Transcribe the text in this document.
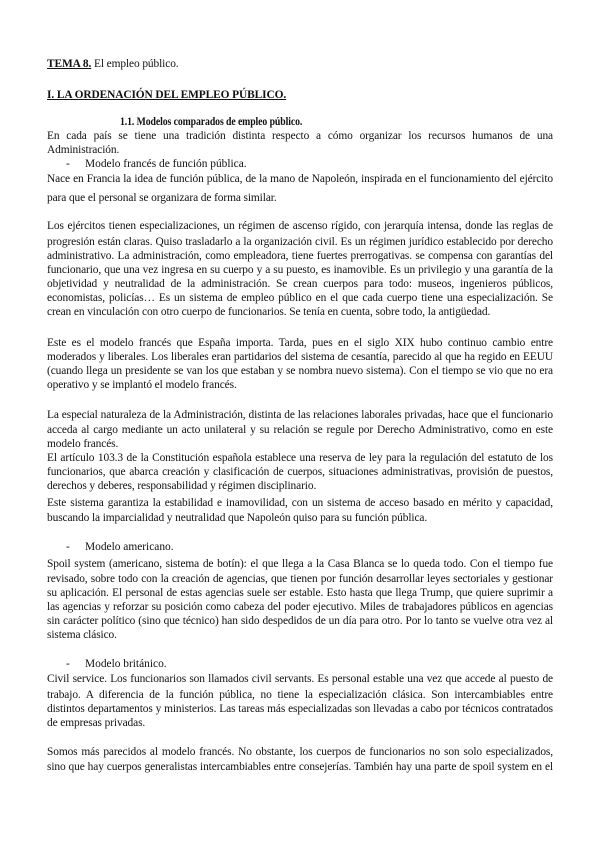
TEMA 8. El empleo público.
I. LA ORDENACIÓN DEL EMPLEO PÚBLICO.
1.1. Modelos comparados de empleo público.
En cada país se tiene una tradición distinta respecto a cómo organizar los recursos humanos de una
Administración.
- Modelo francés de función pública.
Nace en Francia la idea de función pública, de la mano de Napoleón, inspirada en el funcionamiento del ejército
para que el personal se organizara de forma similar.
Los ejércitos tienen especializaciones, un régimen de ascenso rígido, con jerarquía intensa, donde las reglas de
progresión están claras. Quiso trasladarlo a la organización civil. Es un régimen jurídico establecido por derecho
administrativo. La administración, como empleadora, tiene fuertes prerrogativas. se compensa con garantías del
funcionario, que una vez ingresa en su cuerpo y a su puesto, es inamovible. Es un privilegio y una garantía de la
objetividad y neutralidad de la administración. Se crean cuerpos para todo: museos, ingenieros públicos,
economistas, policías… Es un sistema de empleo público en el que cada cuerpo tiene una especialización. Se
crean en vinculación con otro cuerpo de funcionarios. Se tenía en cuenta, sobre todo, la antigüedad.
Este es el modelo francés que España importa. Tarda, pues en el siglo XIX hubo continuo cambio entre
moderados y liberales. Los liberales eran partidarios del sistema de cesantía, parecido al que ha regido en EEUU
(cuando llega un presidente se van los que estaban y se nombra nuevo sistema). Con el tiempo se vio que no era
operativo y se implantó el modelo francés.
La especial naturaleza de la Administración, distinta de las relaciones laborales privadas, hace que el funcionario
acceda al cargo mediante un acto unilateral y su relación se regule por Derecho Administrativo, como en este
modelo francés.
El artículo 103.3 de la Constitución española establece una reserva de ley para la regulación del estatuto de los
funcionarios, que abarca creación y clasificación de cuerpos, situaciones administrativas, provisión de puestos,
derechos y deberes, responsabilidad y régimen disciplinario.
Este sistema garantiza la estabilidad e inamovilidad, con un sistema de acceso basado en mérito y capacidad,
buscando la imparcialidad y neutralidad que Napoleón quiso para su función pública.
- Modelo americano.
Spoil system (americano, sistema de botín): el que llega a la Casa Blanca se lo queda todo. Con el tiempo fue
revisado, sobre todo con la creación de agencias, que tienen por función desarrollar leyes sectoriales y gestionar
su aplicación. El personal de estas agencias suele ser estable. Esto hasta que llega Trump, que quiere suprimir a
las agencias y reforzar su posición como cabeza del poder ejecutivo. Miles de trabajadores públicos en agencias
sin carácter político (sino que técnico) han sido despedidos de un día para otro. Por lo tanto se vuelve otra vez al
sistema clásico.
- Modelo británico.
Civil service. Los funcionarios son llamados civil servants. Es personal estable una vez que accede al puesto de
trabajo. A diferencia de la función pública, no tiene la especialización clásica. Son intercambiables entre
distintos departamentos y ministerios. Las tareas más especializadas son llevadas a cabo por técnicos contratados
de empresas privadas.
Somos más parecidos al modelo francés. No obstante, los cuerpos de funcionarios no son solo especializados,
sino que hay cuerpos generalistas intercambiables entre consejerías. También hay una parte de spoil system en el
